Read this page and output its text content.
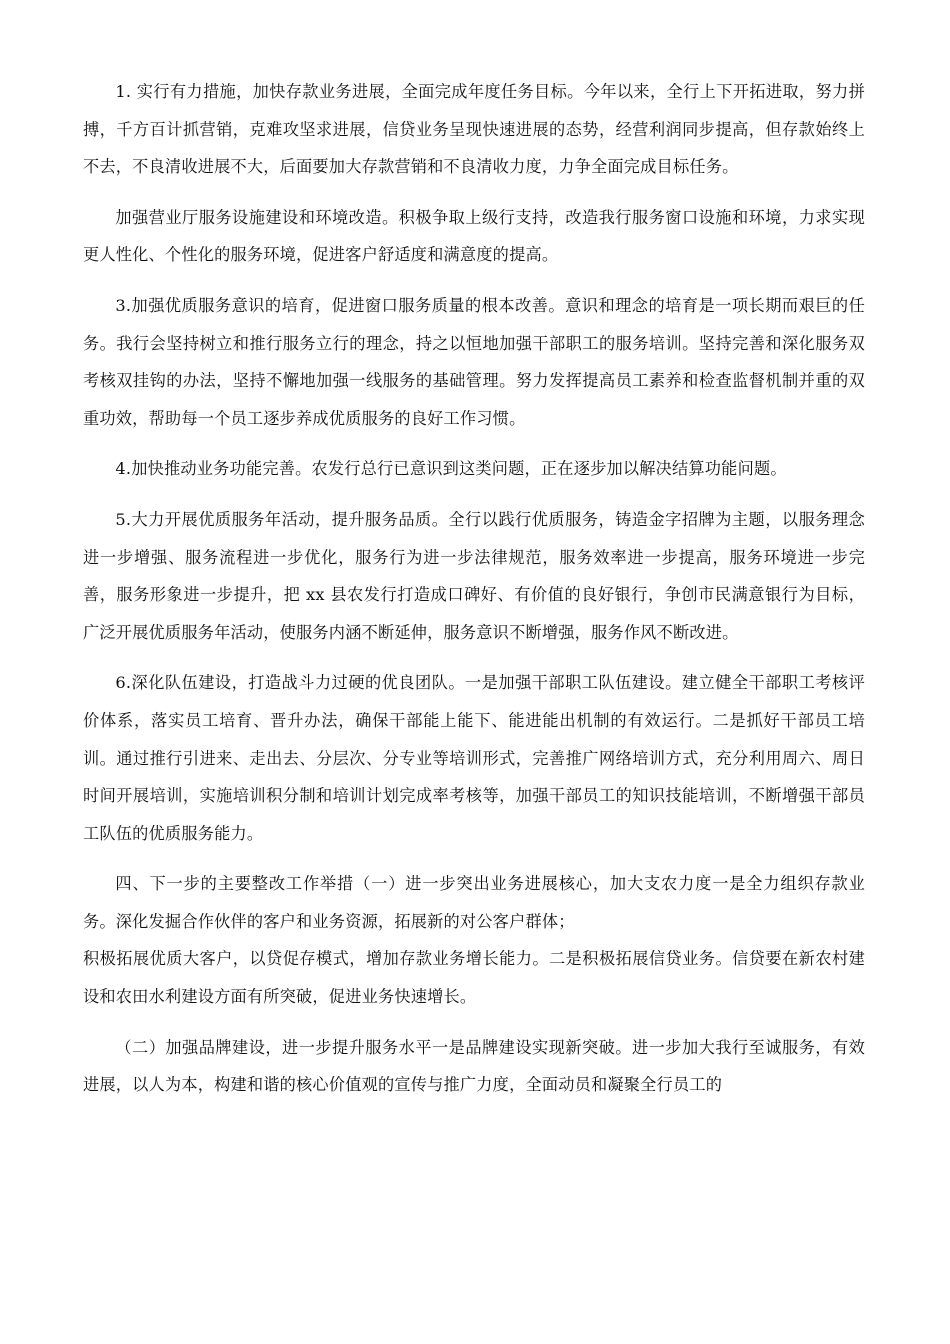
1. 实行有力措施，加快存款业务进展，全面完成年度任务目标。今年以来，全行上下开拓进取，努力拼搏，千方百计抓营销，克难攻坚求进展，信贷业务呈现快速进展的态势，经营利润同步提高，但存款始终上不去，不良清收进展不大，后面要加大存款营销和不良清收力度，力争全面完成目标任务。

加强营业厅服务设施建设和环境改造。积极争取上级行支持，改造我行服务窗口设施和环境，力求实现更人性化、个性化的服务环境，促进客户舒适度和满意度的提高。

3.加强优质服务意识的培育，促进窗口服务质量的根本改善。意识和理念的培育是一项长期而艰巨的任务。我行会坚持树立和推行服务立行的理念，持之以恒地加强干部职工的服务培训。坚持完善和深化服务双考核双挂钩的办法，坚持不懈地加强一线服务的基础管理。努力发挥提高员工素养和检查监督机制并重的双重功效，帮助每一个员工逐步养成优质服务的良好工作习惯。

4.加快推动业务功能完善。农发行总行已意识到这类问题，正在逐步加以解决结算功能问题。

5.大力开展优质服务年活动，提升服务品质。全行以践行优质服务，铸造金字招牌为主题，以服务理念进一步增强、服务流程进一步优化，服务行为进一步法律规范，服务效率进一步提高，服务环境进一步完善，服务形象进一步提升，把 xx 县农发行打造成口碑好、有价值的良好银行，争创市民满意银行为目标，广泛开展优质服务年活动，使服务内涵不断延伸，服务意识不断增强，服务作风不断改进。

6.深化队伍建设，打造战斗力过硬的优良团队。一是加强干部职工队伍建设。建立健全干部职工考核评价体系，落实员工培育、晋升办法，确保干部能上能下、能进能出机制的有效运行。二是抓好干部员工培训。通过推行引进来、走出去、分层次、分专业等培训形式，完善推广网络培训方式，充分利用周六、周日时间开展培训，实施培训积分制和培训计划完成率考核等，加强干部员工的知识技能培训，不断增强干部员工队伍的优质服务能力。

四、下一步的主要整改工作举措（一）进一步突出业务进展核心，加大支农力度一是全力组织存款业务。深化发掘合作伙伴的客户和业务资源，拓展新的对公客户群体；

积极拓展优质大客户，以贷促存模式，增加存款业务增长能力。二是积极拓展信贷业务。信贷要在新农村建设和农田水利建设方面有所突破，促进业务快速增长。

（二）加强品牌建设，进一步提升服务水平一是品牌建设实现新突破。进一步加大我行至诚服务，有效进展，以人为本，构建和谐的核心价值观的宣传与推广力度，全面动员和凝聚全行员工的
